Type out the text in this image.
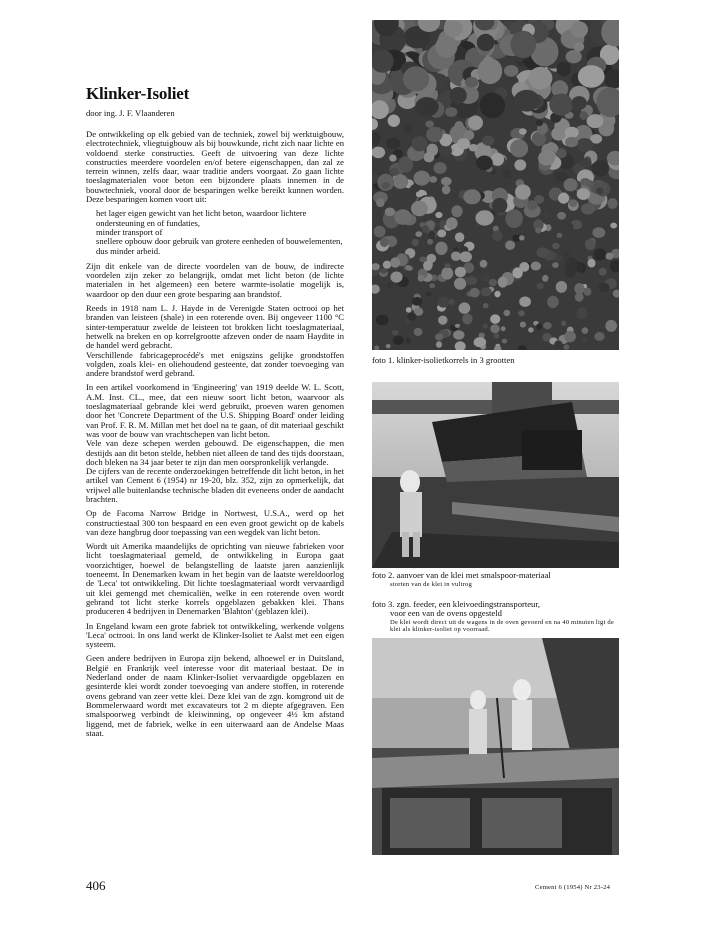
Klinker-Isoliet
door ing. J. F. Vlaanderen

De ontwikkeling op elk gebied van de techniek, zowel bij werktuigbouw, electrotechniek, vliegtuigbouw als bij bouwkunde, richt zich naar lichte en voldoend sterke constructies. Geeft de uitvoering van deze lichte constructies meerdere voordelen en/of betere eigenschappen, dan zal ze terrein winnen, zelfs daar, waar traditie anders voorgaat. Zo gaan lichte toeslagmaterialen voor beton een bijzondere plaats innemen in de bouwtechniek, vooral door de besparingen welke bereikt kunnen worden. Deze besparingen komen voort uit:

het lager eigen gewicht van het licht beton, waardoor lichtere ondersteuning en of fundaties,
minder transport of
snellere opbouw door gebruik van grotere eenheden of bouwelementen, dus minder arbeid.

Zijn dit enkele van de directe voordelen van de bouw, de indirecte voordelen zijn zeker zo belangrijk, omdat met licht beton (de lichte materialen in het algemeen) een betere warmte-isolatie mogelijk is, waardoor op den duur een grote besparing aan brandstof.

Reeds in 1918 nam L. J. Hayde in de Verenigde Staten octrooi op het branden van leisteen (shale) in een roterende oven. Bij ongeveer 1100 °C sinter-temperatuur zwelde de leisteen tot brokken licht toeslagmateriaal, hetwelk na breken en op korrelgrootte afzeven onder de naam Haydite in de handel werd gebracht.

Verschillende fabricageprocédé's met enigszins gelijke grondstoffen volgden, zoals klei- en oliehoudend gesteente, dat zonder toevoeging van andere brandstof werd gebrand.

In een artikel voorkomend in 'Engineering' van 1919 deelde W. L. Scott, A.M. Inst. CL., mee, dat een nieuw soort licht beton, waarvoor als toeslagmateriaal gebrande klei werd gebruikt, proeven waren genomen door het 'Concrete Department of the U.S. Shipping Board' onder leiding van Prof. F. R. M. Millan met het doel na te gaan, of dit materiaal geschikt was voor de bouw van vrachtschepen van licht beton.

Vele van deze schepen werden gebouwd. De eigenschappen, die men destijds aan dit beton stelde, hebben niet alleen de tand des tijds doorstaan, doch bleken na 34 jaar beter te zijn dan men oorspronkelijk verlangde.

De cijfers van de recente onderzoekingen betreffende dit licht beton, in het artikel van Cement 6 (1954) nr 19-20, blz. 352, zijn zo opmerkelijk, dat vrijwel alle buitenlandse technische bladen dit eveneens onder de aandacht brachten.

Op de Facoma Narrow Bridge in Nortwest, U.S.A., werd op het constructiestaal 300 ton bespaard en een even groot gewicht op de kabels van deze hangbrug door toepassing van een wegdek van licht beton.

Wordt uit Amerika maandelijks de oprichting van nieuwe fabrieken voor licht toeslagmateriaal gemeld, de ontwikkeling in Europa gaat voorzichtiger, hoewel de belangstelling de laatste jaren aanzienlijk toeneemt. In Denemarken kwam in het begin van de laatste wereldoorlog de 'Leca' tot ontwikkeling. Dit lichte toeslagmateriaal wordt vervaardigd uit klei gemengd met chemicaliën, welke in een roterende oven wordt gebrand tot licht sterke korrels opgeblazen gebakken klei. Thans produceren 4 bedrijven in Denemarken 'Blahton' (geblazen klei).

In Engeland kwam een grote fabriek tot ontwikkeling, werkende volgens 'Leca' octrooi. In ons land werkt de Klinker-Isoliet te Aalst met een eigen systeem.

Geen andere bedrijven in Europa zijn bekend, alhoewel er in Duitsland, België en Frankrijk veel interesse voor dit materiaal bestaat. De in Nederland onder de naam Klinker-Isoliet vervaardigde opgeblazen en gesinterde klei wordt zonder toevoeging van andere stoffen, in roterende ovens gebrand van zeer vette klei. Deze klei van de zgn. komgrond uit de Bommelerwaard wordt met excavateurs tot 2 m diepte afgegraven. Een smalspoorweg verbindt de kleiwinning, op ongeveer 4½ km afstand liggend, met de fabriek, welke in een uiterwaard aan de Andelse Maas staat.

foto 1. klinker-isolietkorrels in 3 grootten
foto 2. aanvoer van de klei met smalspoor-materiaal
storten van de klei in vultrog
foto 3. zgn. feeder, een kleivoedingstransporteur,
voor een van de ovens opgesteld
De klei wordt direct uit de wagens in de oven gevoerd en na 40 minuten ligt de klei als klinker-isoliet op voorraad.
406	Cement 6 (1954) Nr 23-24
